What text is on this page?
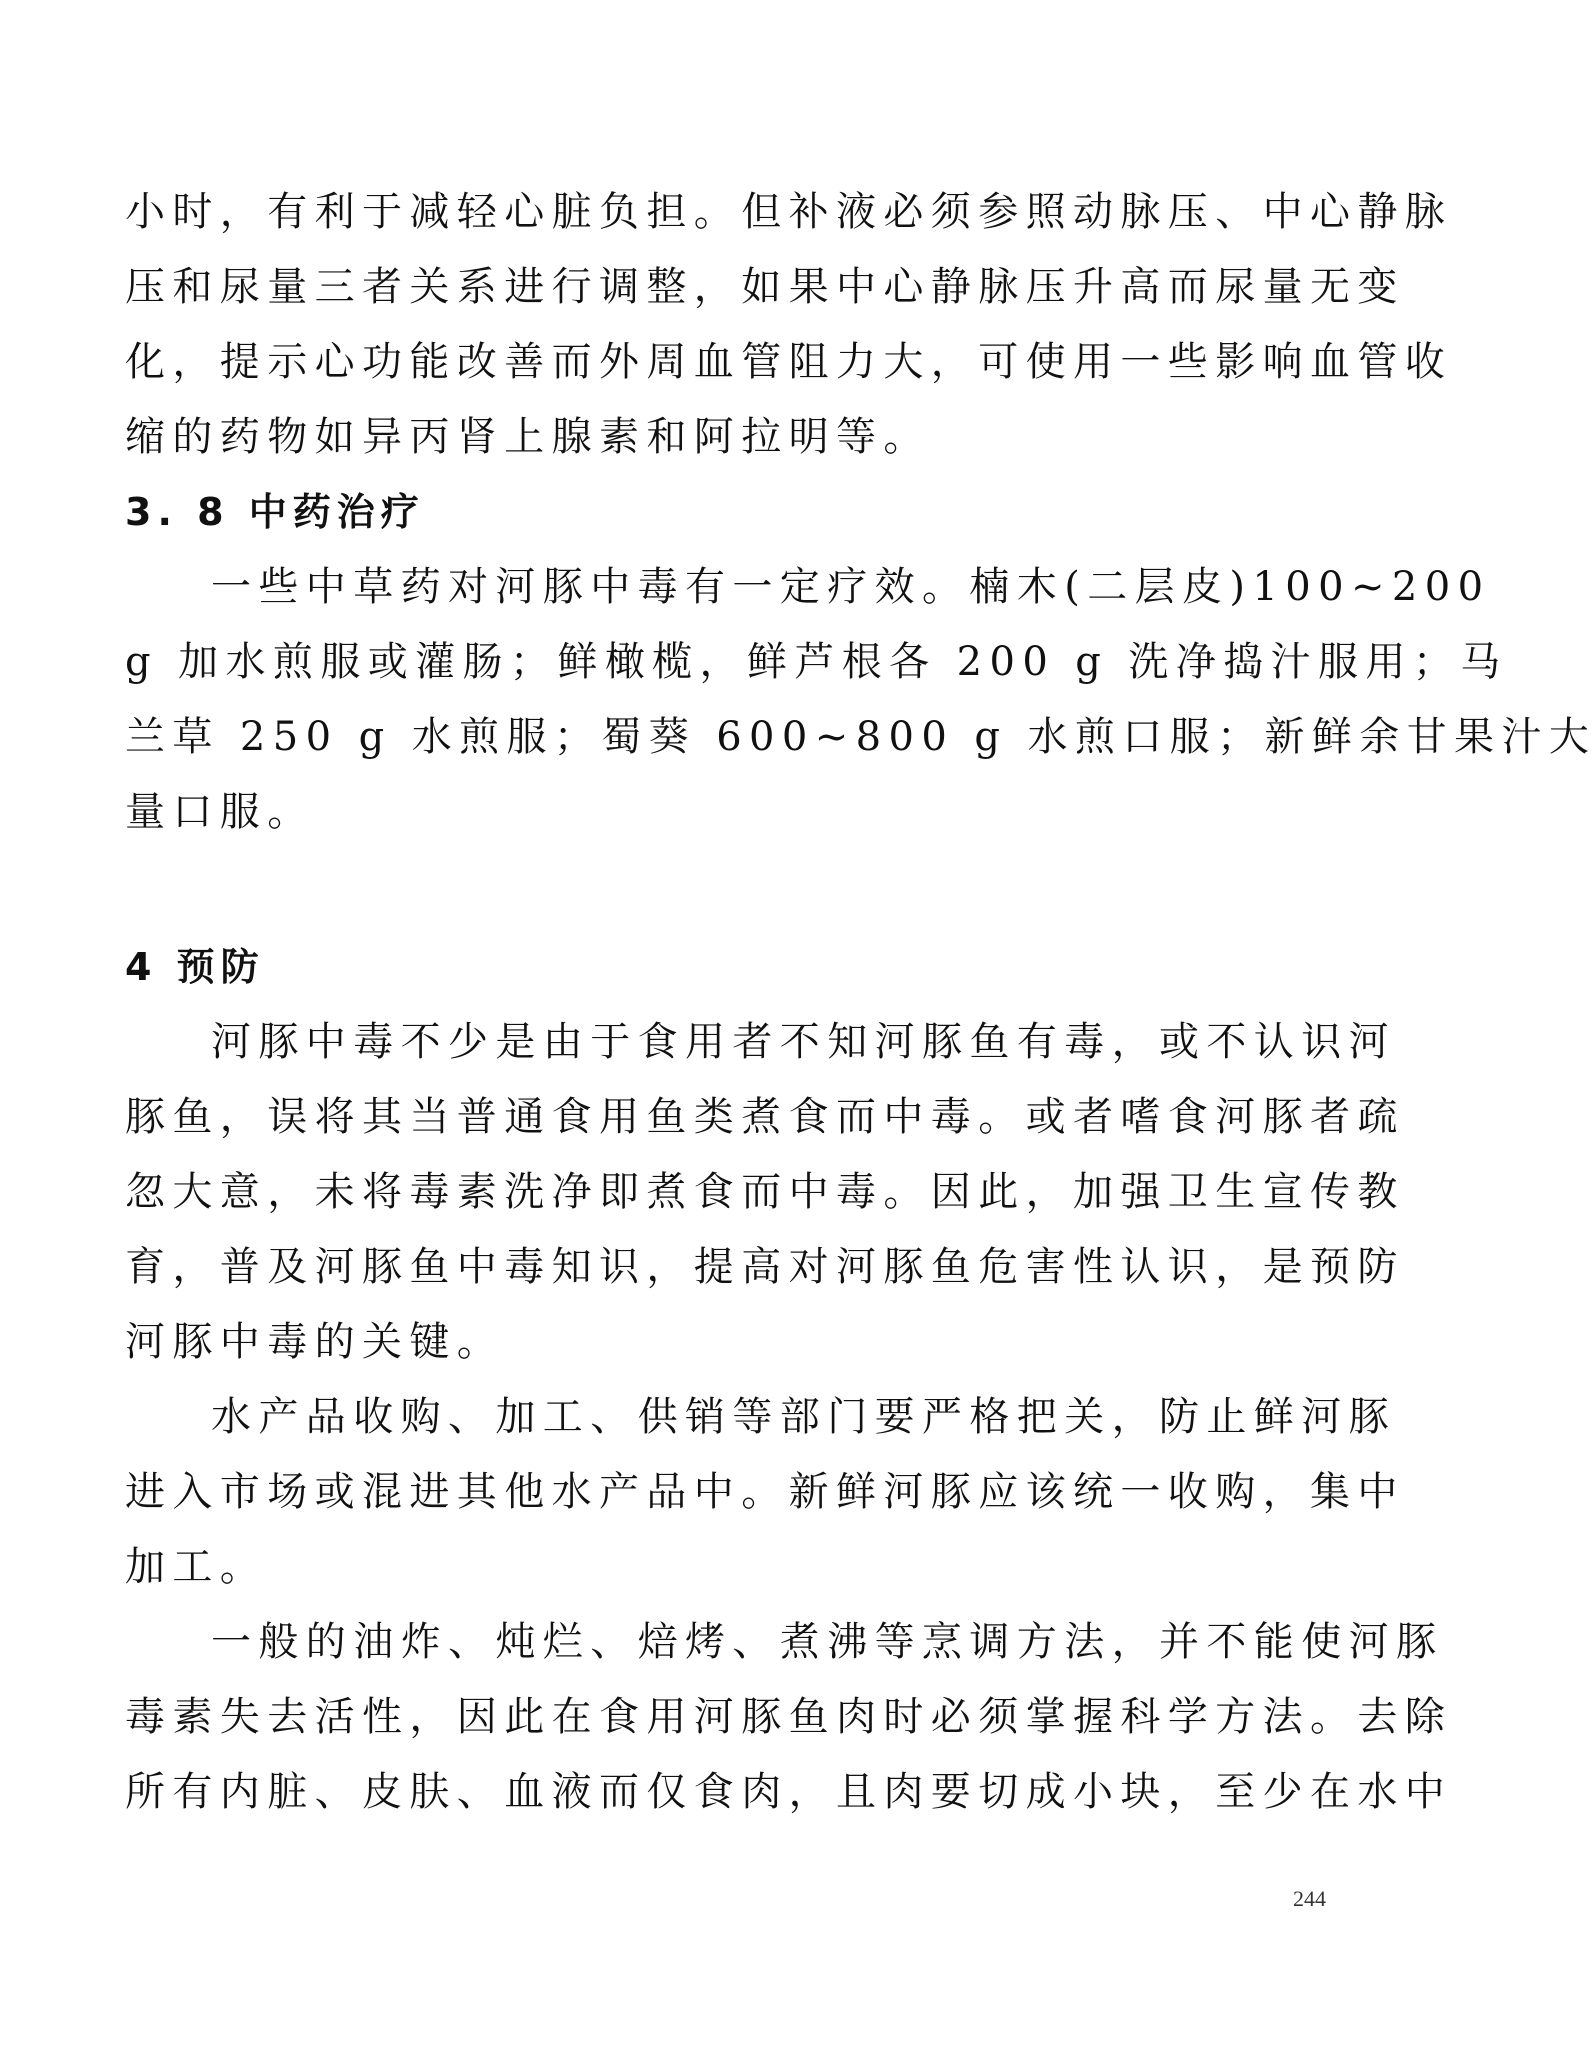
小时，有利于减轻心脏负担。但补液必须参照动脉压、中心静脉
压和尿量三者关系进行调整，如果中心静脉压升高而尿量无变
化，提示心功能改善而外周血管阻力大，可使用一些影响血管收
缩的药物如异丙肾上腺素和阿拉明等。
3. 8 中药治疗
一些中草药对河豚中毒有一定疗效。楠木(二层皮)100~200
g 加水煎服或灌肠；鲜橄榄，鲜芦根各 200 g 洗净捣汁服用；马
兰草 250 g 水煎服；蜀葵 600~800 g 水煎口服；新鲜余甘果汁大
量口服。
4 预防
河豚中毒不少是由于食用者不知河豚鱼有毒，或不认识河
豚鱼，误将其当普通食用鱼类煮食而中毒。或者嗜食河豚者疏
忽大意，未将毒素洗净即煮食而中毒。因此，加强卫生宣传教
育，普及河豚鱼中毒知识，提高对河豚鱼危害性认识，是预防
河豚中毒的关键。
水产品收购、加工、供销等部门要严格把关，防止鲜河豚
进入市场或混进其他水产品中。新鲜河豚应该统一收购，集中
加工。
一般的油炸、炖烂、焙烤、煮沸等烹调方法，并不能使河豚
毒素失去活性，因此在食用河豚鱼肉时必须掌握科学方法。去除
所有内脏、皮肤、血液而仅食肉，且肉要切成小块，至少在水中
244
